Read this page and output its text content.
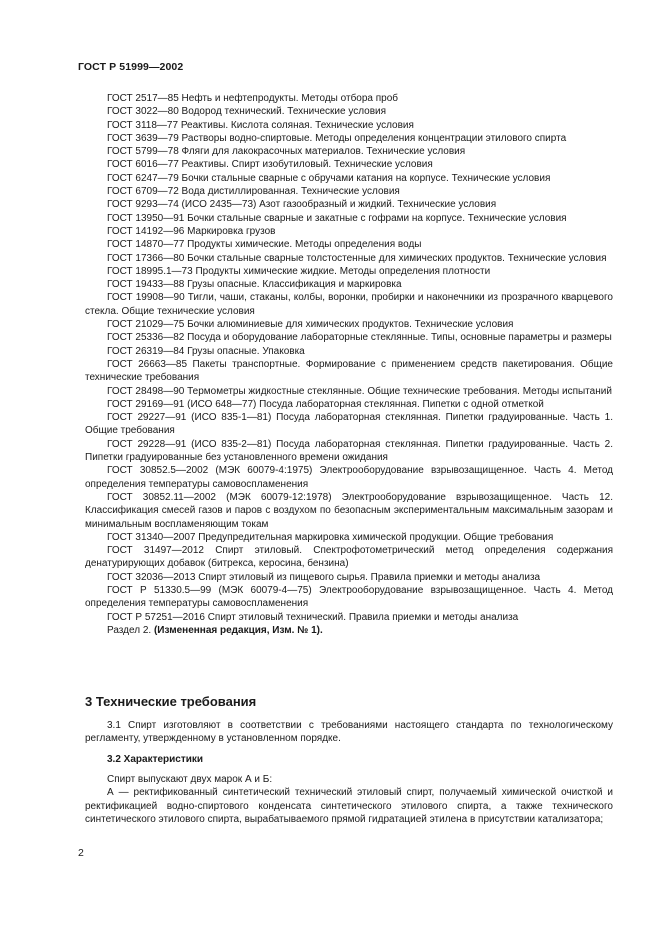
ГОСТ Р 51999—2002
ГОСТ 2517—85 Нефть и нефтепродукты. Методы отбора проб
ГОСТ 3022—80 Водород технический. Технические условия
ГОСТ 3118—77 Реактивы. Кислота соляная. Технические условия
ГОСТ 3639—79 Растворы водно-спиртовые. Методы определения концентрации этилового спирта
ГОСТ 5799—78 Фляги для лакокрасочных материалов. Технические условия
ГОСТ 6016—77 Реактивы. Спирт изобутиловый. Технические условия
ГОСТ 6247—79 Бочки стальные сварные с обручами катания на корпусе. Технические условия
ГОСТ 6709—72 Вода дистиллированная. Технические условия
ГОСТ 9293—74 (ИСО 2435—73) Азот газообразный и жидкий. Технические условия
ГОСТ 13950—91 Бочки стальные сварные и закатные с гофрами на корпусе. Технические условия
ГОСТ 14192—96 Маркировка грузов
ГОСТ 14870—77 Продукты химические. Методы определения воды
ГОСТ 17366—80 Бочки стальные сварные толстостенные для химических продуктов. Технические условия
ГОСТ 18995.1—73 Продукты химические жидкие. Методы определения плотности
ГОСТ 19433—88 Грузы опасные. Классификация и маркировка
ГОСТ 19908—90 Тигли, чаши, стаканы, колбы, воронки, пробирки и наконечники из прозрачного кварцевого стекла. Общие технические условия
ГОСТ 21029—75 Бочки алюминиевые для химических продуктов. Технические условия
ГОСТ 25336—82 Посуда и оборудование лабораторные стеклянные. Типы, основные параметры и размеры
ГОСТ 26319—84 Грузы опасные. Упаковка
ГОСТ 26663—85 Пакеты транспортные. Формирование с применением средств пакетирования. Общие технические требования
ГОСТ 28498—90 Термометры жидкостные стеклянные. Общие технические требования. Методы испытаний
ГОСТ 29169—91 (ИСО 648—77) Посуда лабораторная стеклянная. Пипетки с одной отметкой
ГОСТ 29227—91 (ИСО 835-1—81) Посуда лабораторная стеклянная. Пипетки градуированные. Часть 1. Общие требования
ГОСТ 29228—91 (ИСО 835-2—81) Посуда лабораторная стеклянная. Пипетки градуированные. Часть 2. Пипетки градуированные без установленного времени ожидания
ГОСТ 30852.5—2002 (МЭК 60079-4:1975) Электрооборудование взрывозащищенное. Часть 4. Метод определения температуры самовоспламенения
ГОСТ 30852.11—2002 (МЭК 60079-12:1978) Электрооборудование взрывозащищенное. Часть 12. Классификация смесей газов и паров с воздухом по безопасным экспериментальным максимальным зазорам и минимальным воспламеняющим токам
ГОСТ 31340—2007 Предупредительная маркировка химической продукции. Общие требования
ГОСТ 31497—2012 Спирт этиловый. Спектрофотометрический метод определения содержания денатурирующих добавок (битрекса, керосина, бензина)
ГОСТ 32036—2013 Спирт этиловый из пищевого сырья. Правила приемки и методы анализа
ГОСТ Р 51330.5—99 (МЭК 60079-4—75) Электрооборудование взрывозащищенное. Часть 4. Метод определения температуры самовоспламенения
ГОСТ Р 57251—2016 Спирт этиловый технический. Правила приемки и методы анализа
Раздел 2. (Измененная редакция, Изм. № 1).
3 Технические требования

3.1 Спирт изготовляют в соответствии с требованиями настоящего стандарта по технологическому регламенту, утвержденному в установленном порядке.

3.2 Характеристики

Спирт выпускают двух марок А и Б:

А — ректификованный синтетический технический этиловый спирт, получаемый химической очисткой и ректификацией водно-спиртового конденсата синтетического этилового спирта, а также технического синтетического этилового спирта, вырабатываемого прямой гидратацией этилена в присутствии катализатора;

2
